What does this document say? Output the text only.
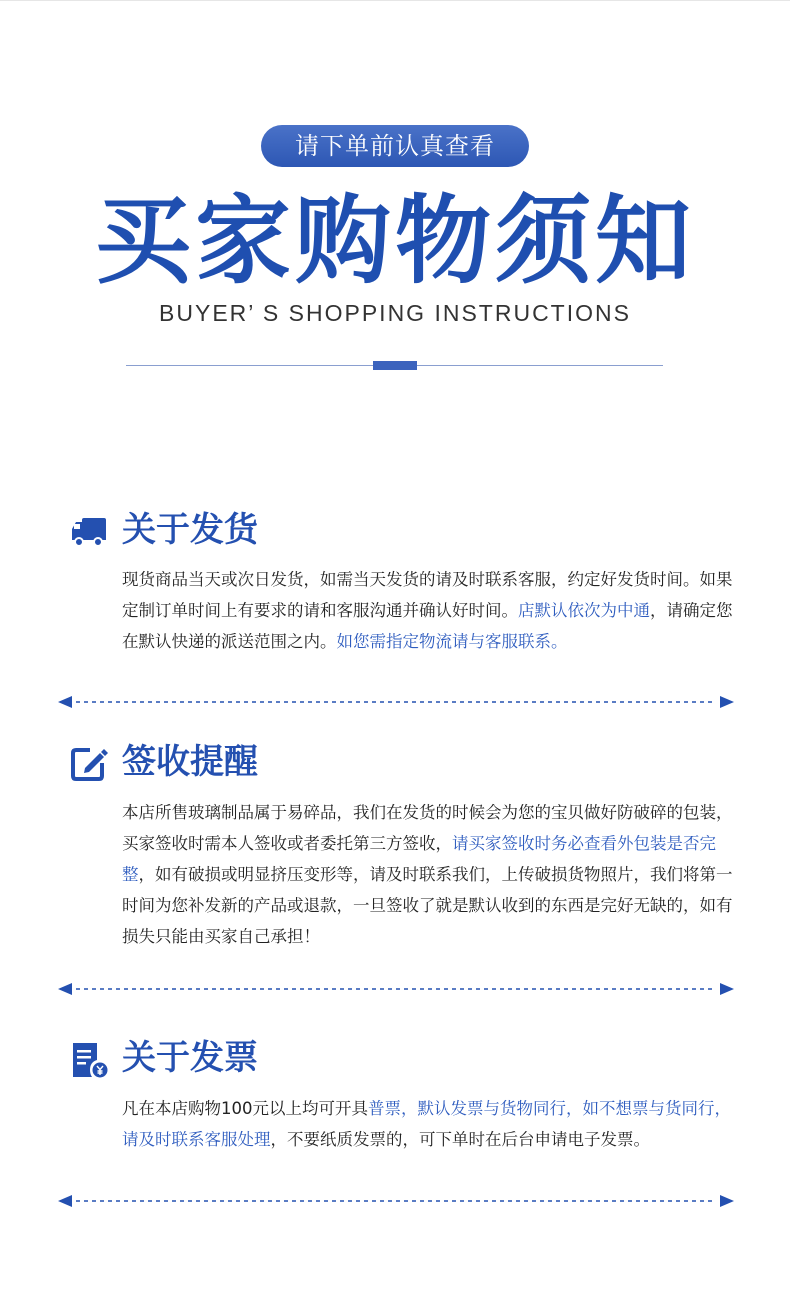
请下单前认真查看
买家购物须知
BUYER’ S SHOPPING INSTRUCTIONS
关于发货
现货商品当天或次日发货，如需当天发货的请及时联系客服，约定好发货时间。如果定制订单时间上有要求的请和客服沟通并确认好时间。店默认依次为中通，请确定您在默认快递的派送范围之内。如您需指定物流请与客服联系。
签收提醒
本店所售玻璃制品属于易碎品，我们在发货的时候会为您的宝贝做好防破碎的包装，买家签收时需本人签收或者委托第三方签收，请买家签收时务必查看外包装是否完整，如有破损或明显挤压变形等，请及时联系我们，上传破损货物照片，我们将第一时间为您补发新的产品或退款，一旦签收了就是默认收到的东西是完好无缺的，如有损失只能由买家自己承担！
关于发票
凡在本店购物100元以上均可开具普票，默认发票与货物同行，如不想票与货同行，请及时联系客服处理，不要纸质发票的，可下单时在后台申请电子发票。
